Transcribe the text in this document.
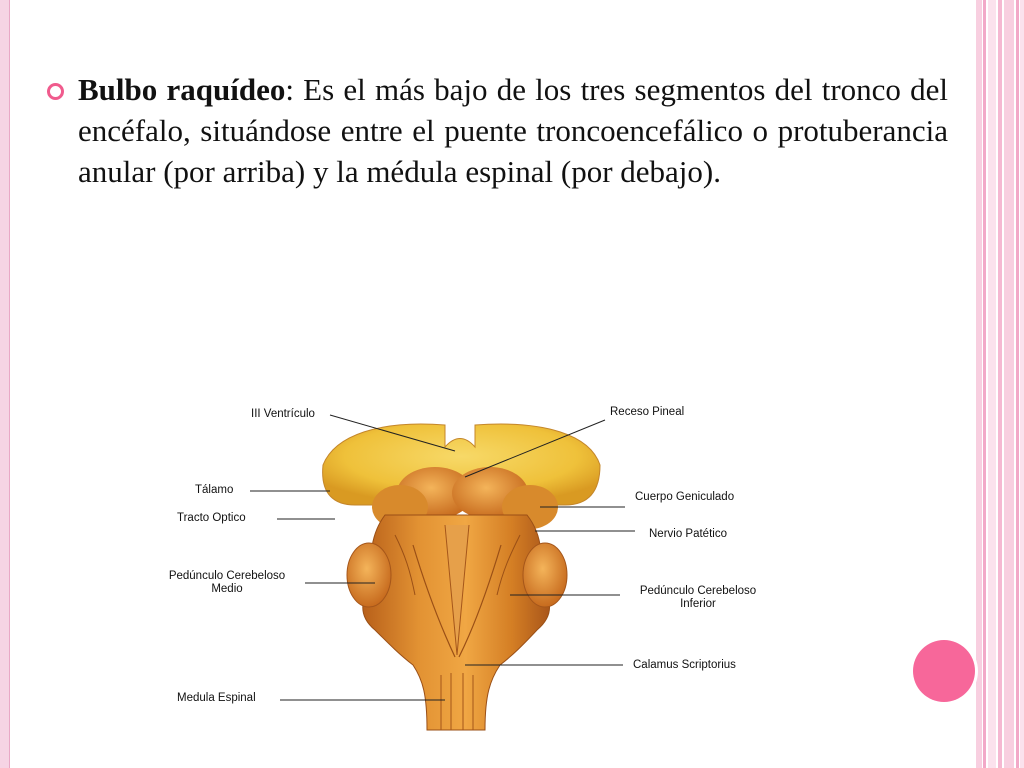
Bulbo raquídeo: Es el más bajo de los tres segmentos del tronco del encéfalo, situándose entre el puente troncoencefálico o protuberancia anular (por arriba) y la médula espinal (por debajo).
III Ventrículo	Receso Pineal
Tálamo
Cuerpo Geniculado
Tracto Optico
Nervio Patético
Pedúnculo Cerebeloso
Medio	Pedúnculo Cerebeloso
Inferior
Calamus Scriptorius
Medula Espinal
